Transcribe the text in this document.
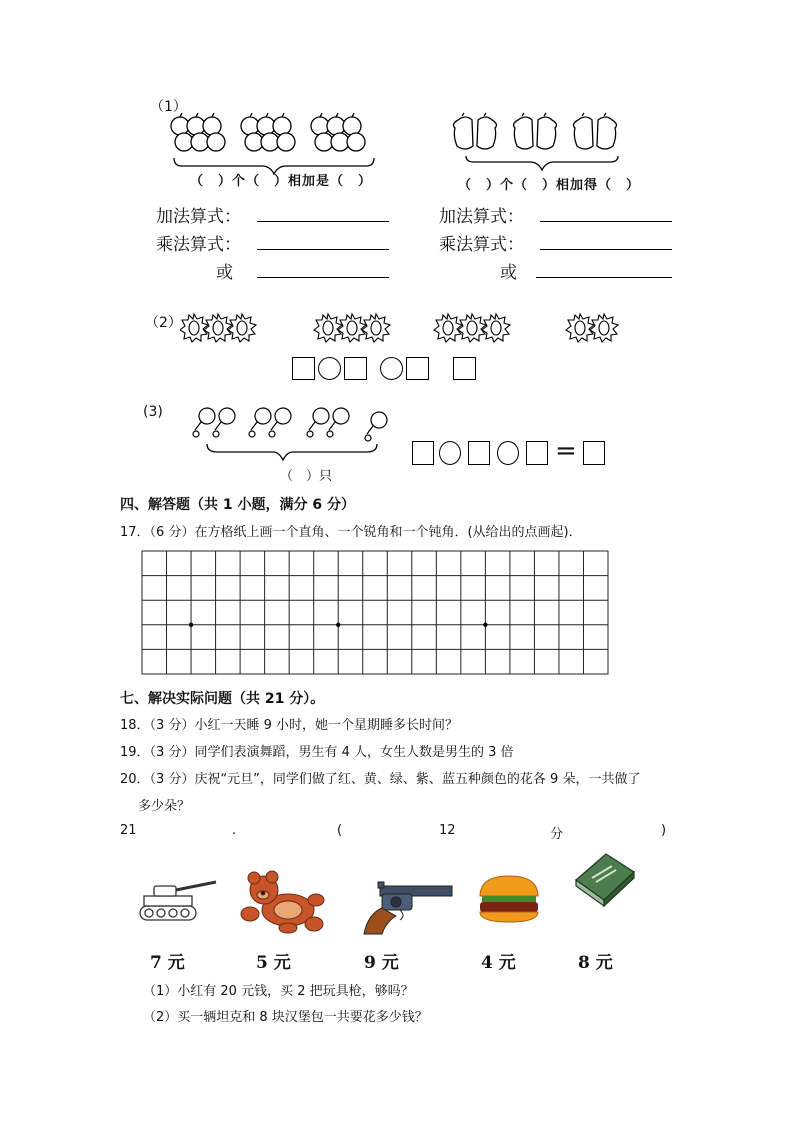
（1）
（　）个（　）相加是（　）	（　）个（　）相加得（　）
加法算式：
乘法算式：
或
加法算式：
乘法算式：
或
（2）
(3)
（　）只
=
四、解答题（共 1 小题，满分 6 分）
17．（6 分）在方格纸上画一个直角、一个锐角和一个钝角．(从给出的点画起)．
七、解决实际问题（共 21 分）。
18．（3 分）小红一天睡 9 小时，她一个星期睡多长时间？
19．（3 分）同学们表演舞蹈，男生有 4 人，女生人数是男生的 3 倍
20．（3 分）庆祝“元旦”，同学们做了红、黄、绿、紫、蓝五种颜色的花各 9 朵，一共做了
多少朵？
21	.	(	12	分	)
7 元	5 元	9 元	4 元	8 元
（1）小红有 20 元钱，买 2 把玩具枪，够吗？
（2）买一辆坦克和 8 块汉堡包一共要花多少钱？
